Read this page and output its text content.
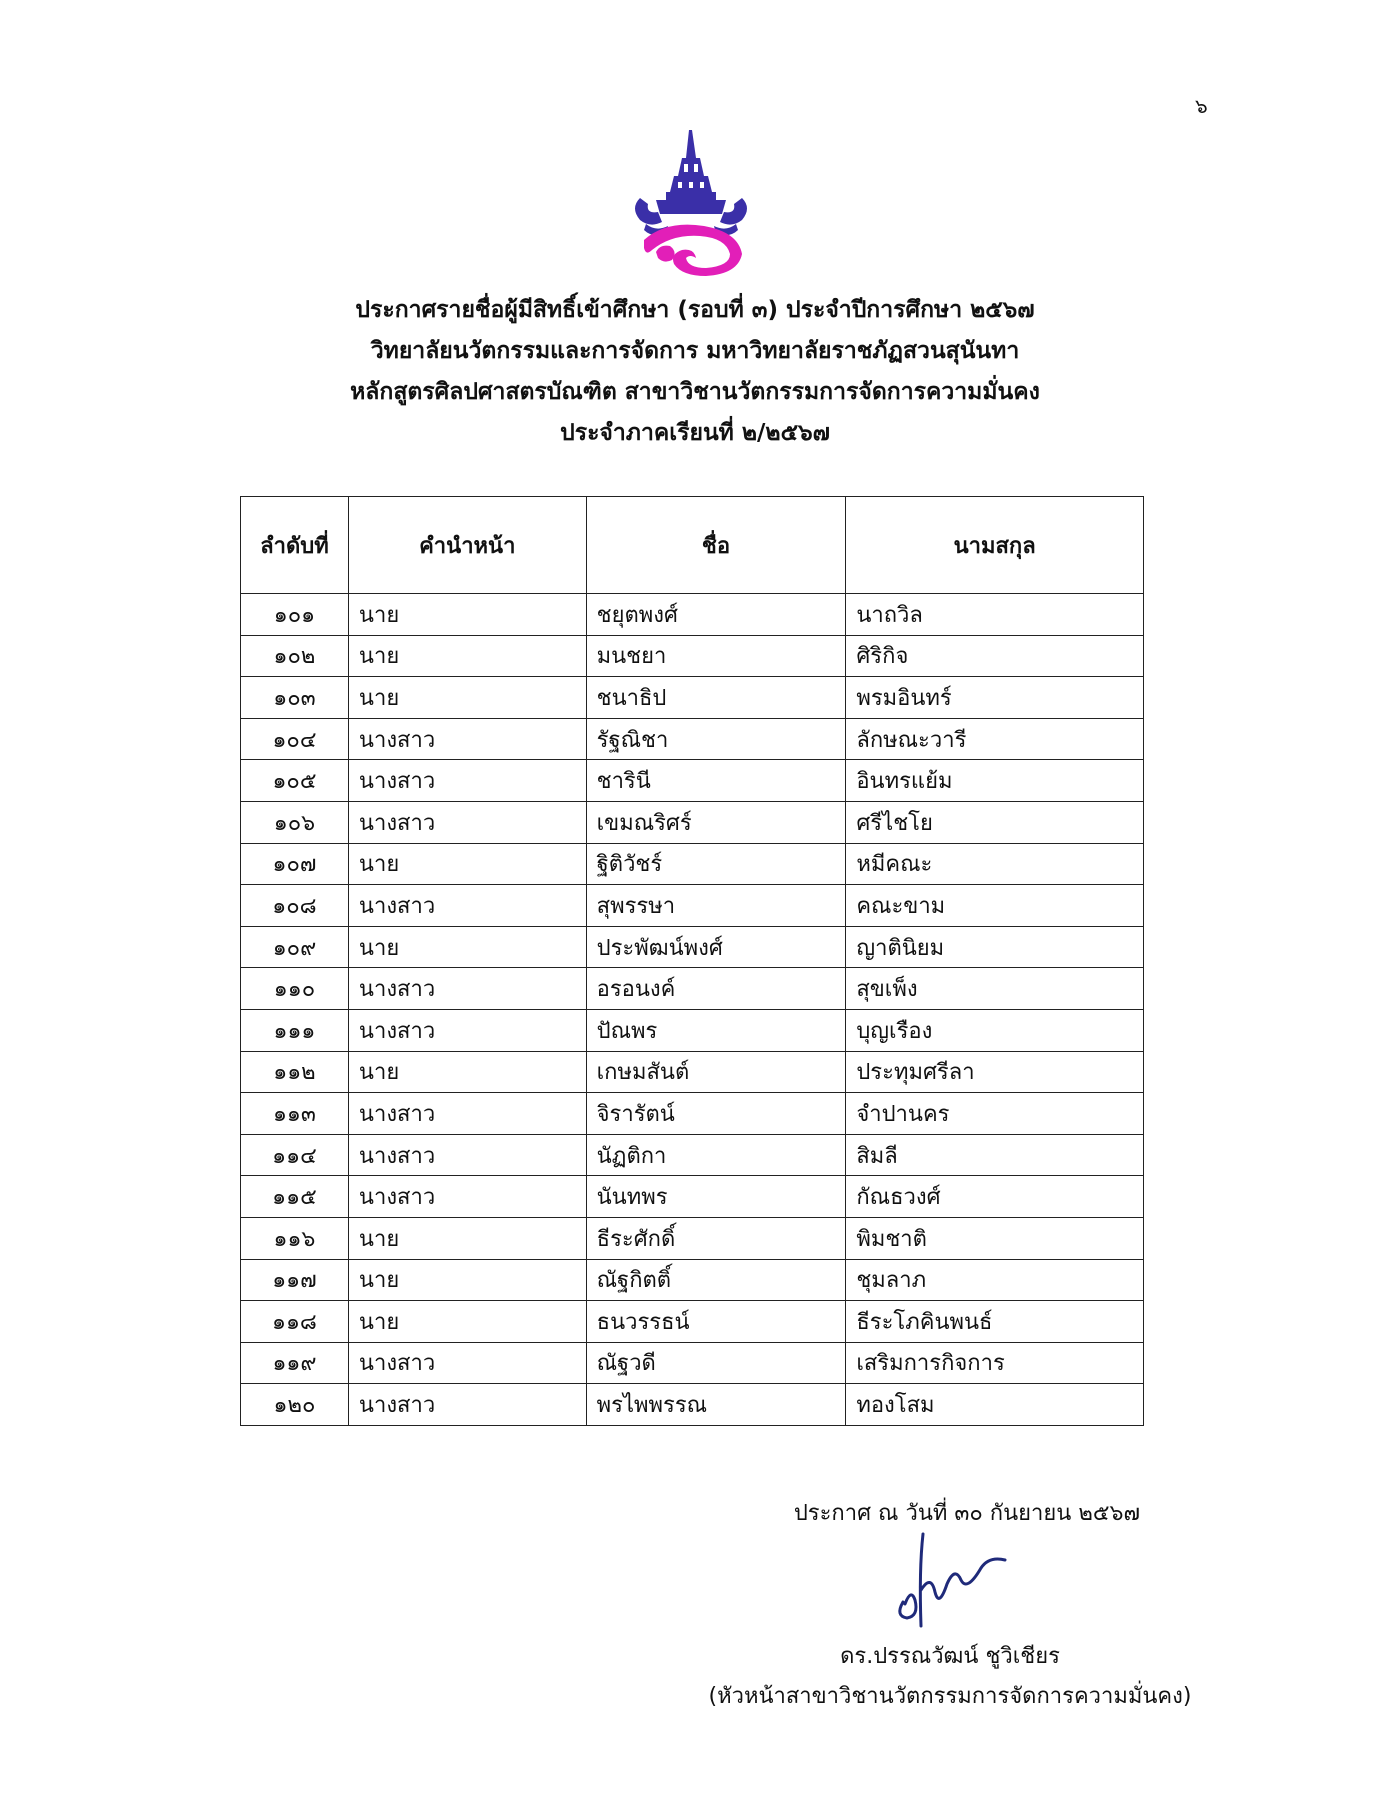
๖
ประกาศรายชื่อผู้มีสิทธิ์เข้าศึกษา (รอบที่ ๓) ประจำปีการศึกษา ๒๕๖๗
วิทยาลัยนวัตกรรมและการจัดการ มหาวิทยาลัยราชภัฏสวนสุนันทา
หลักสูตรศิลปศาสตรบัณฑิต สาขาวิชานวัตกรรมการจัดการความมั่นคง
ประจำภาคเรียนที่ ๒/๒๕๖๗
ลำดับที่	คำนำหน้า	ชื่อ	นามสกุล
๑๐๑	นาย	ชยุตพงศ์	นาถวิล
๑๐๒	นาย	มนชยา	ศิริกิจ
๑๐๓	นาย	ชนาธิป	พรมอินทร์
๑๐๔	นางสาว	รัฐณิชา	ลักษณะวารี
๑๐๕	นางสาว	ชารินี	อินทรแย้ม
๑๐๖	นางสาว	เขมณริศร์	ศรีไชโย
๑๐๗	นาย	ฐิติวัชร์	หมีคณะ
๑๐๘	นางสาว	สุพรรษา	คณะขาม
๑๐๙	นาย	ประพัฒน์พงศ์	ญาตินิยม
๑๑๐	นางสาว	อรอนงค์	สุขเพ็ง
๑๑๑	นางสาว	ปัณพร	บุญเรือง
๑๑๒	นาย	เกษมสันต์	ประทุมศรีลา
๑๑๓	นางสาว	จิรารัตน์	จำปานคร
๑๑๔	นางสาว	นัฏติกา	สิมลี
๑๑๕	นางสาว	นันทพร	กัณธวงศ์
๑๑๖	นาย	ธีระศักดิ์	พิมชาติ
๑๑๗	นาย	ณัฐกิตติ์	ชุมลาภ
๑๑๘	นาย	ธนวรรธน์	ธีระโภคินพนธ์
๑๑๙	นางสาว	ณัฐวดี	เสริมการกิจการ
๑๒๐	นางสาว	พรไพพรรณ	ทองโสม
ประกาศ ณ วันที่ ๓๐ กันยายน ๒๕๖๗
ดร.ปรรณวัฒน์ ชูวิเชียร
(หัวหน้าสาขาวิชานวัตกรรมการจัดการความมั่นคง)
